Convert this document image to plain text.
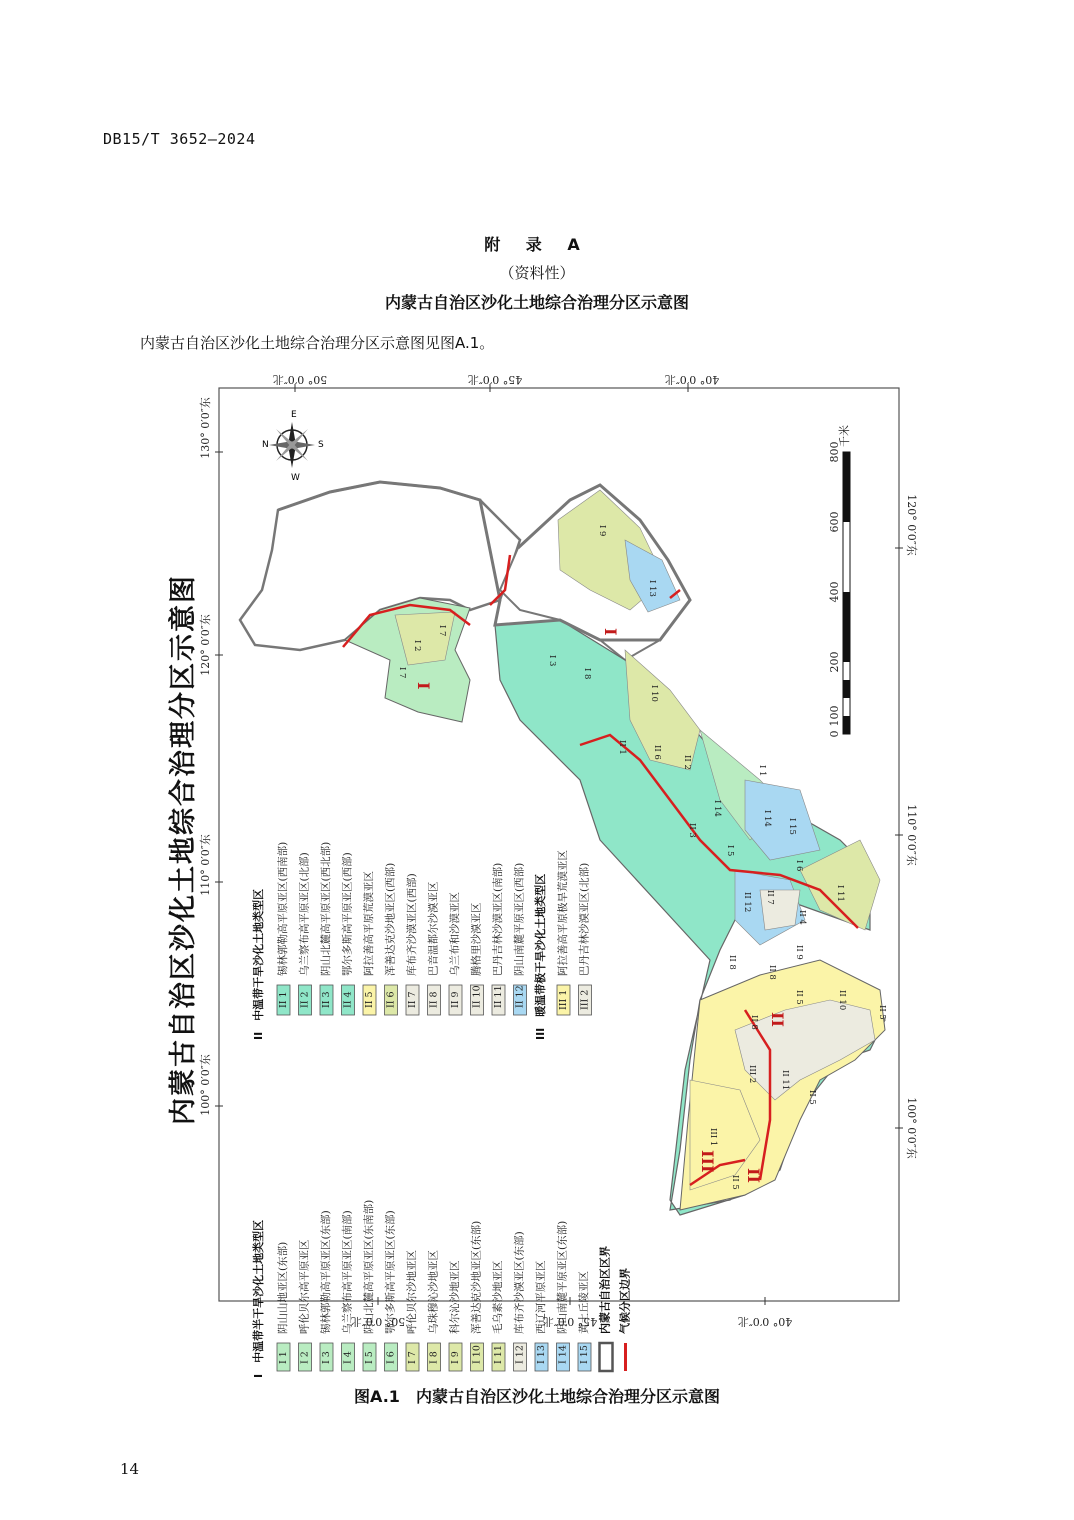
DB15/T 3652—2024
附 录 A
（资料性）
内蒙古自治区沙化土地综合治理分区示意图
内蒙古自治区沙化土地综合治理分区示意图见图A.1。
50° 0′0″北	45° 0′0″北	40° 0′0″北
50° 0′0″北	45° 0′0″北	40° 0′0″北
130° 0′0″东
120° 0′0″东
110° 0′0″东
100° 0′0″东
120° 0′0″东
110° 0′0″东
100° 0′0″东
内蒙古自治区沙化土地综合治理分区示意图
N	S
E
W
0
100
200
400
600
800
千米
I 7
I 2
I 7
I 3
I 8
I 9
I 13
I 10
II 1	II 6
II 2
II 3
I 14
I 5
I 1
I 14 I 15
I 6
I 11
II 12 II 7
II 4
II 9
II 8
II 8
II 5	II 10
II 5
II 8
III 2	II 11
II 5
III 1
II 5
I
I
II
III
II
I　中温带半干旱沙化土地类型区 I 1
阴山山地亚区(东部)
I 2
呼伦贝尔高平原亚区
I 3
锡林郭勒高平原亚区(东部)
I 4
乌兰察布高平原亚区(南部)
I 5
阴山北麓高平原亚区(东南部)
I 6
鄂尔多斯高平原亚区(东部)
I 7
呼伦贝尔沙地亚区
I 8
乌珠穆沁沙地亚区
I 9
科尔沁沙地亚区
I 10
浑善达克沙地亚区(东部)
I 11
毛乌素沙地亚区
I 12
库布齐沙漠亚区(东部)
I 13
西辽河平原亚区
I 14
阴山南麓平原亚区(东部)
I 15
黄土丘陵亚区 内蒙古自治区区界 气候分区边界
II　中温带干旱沙化土地类型区 II 1
锡林郭勒高平原亚区(西南部)
II 2
乌兰察布高平原亚区(北部)
II 3
阴山北麓高平原亚区(西北部)
II 4
鄂尔多斯高平原亚区(西部)
II 5
阿拉善高平原荒漠亚区
II 6
浑善达克沙地亚区(西部)
II 7
库布齐沙漠亚区(西部)
II 8
巴音温都尔沙漠亚区
II 9
乌兰布和沙漠亚区
II 10
腾格里沙漠亚区
II 11
巴丹吉林沙漠亚区(南部)
II 12
阴山南麓平原亚区(西部) III　暖温带极干旱沙化土地类型区 III 1
阿拉善高平原极旱荒漠亚区
III 2
巴丹吉林沙漠亚区(北部)
图A.1　内蒙古自治区沙化土地综合治理分区示意图
14
